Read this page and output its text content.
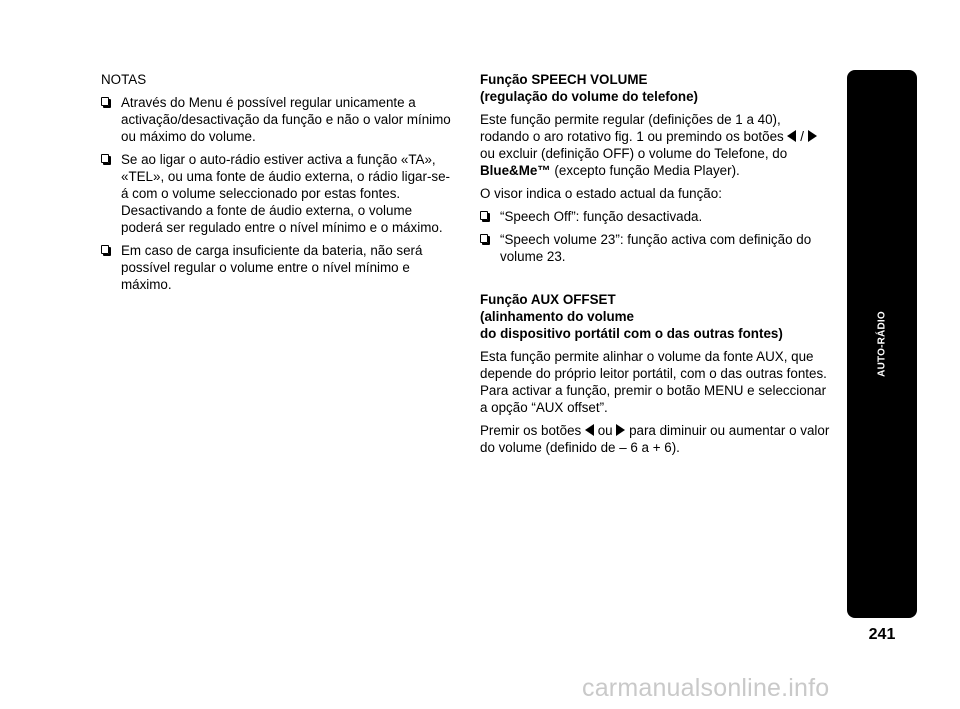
NOTAS

Através do Menu é possível regular unicamente a activação/desactivação da função e não o valor mínimo ou máximo do volume.
Se ao ligar o auto-rádio estiver activa a função «TA», «TEL», ou uma fonte de áudio externa, o rádio ligar-se-á com o volume seleccionado por estas fontes. Desactivando a fonte de áudio externa, o volume poderá ser regulado entre o nível mínimo e o máximo.
Em caso de carga insuficiente da bateria, não será possível regular o volume entre o nível mínimo e máximo.
Função SPEECH VOLUME
(regulação do volume do telefone)

Este função permite regular (definições de 1 a 40), rodando o aro rotativo fig. 1 ou premindo os botões /  ou excluir (definição OFF) o volume do Telefone, do Blue&Me™ (excepto função Media Player).

O visor indica o estado actual da função:

“Speech Off”: função desactivada.
“Speech volume 23”: função activa com definição do volume 23.
Função AUX OFFSET
(alinhamento do volume
do dispositivo portátil com o das outras fontes)

Esta função permite alinhar o volume da fonte AUX, que depende do próprio leitor portátil, com o das outras fontes. Para activar a função, premir o botão MENU e seleccionar a opção “AUX offset”.

Premir os botões ou para diminuir ou aumentar o valor do volume (definido de – 6 a + 6).

AUTO-RÁDIO
241
carmanualsonline.info
